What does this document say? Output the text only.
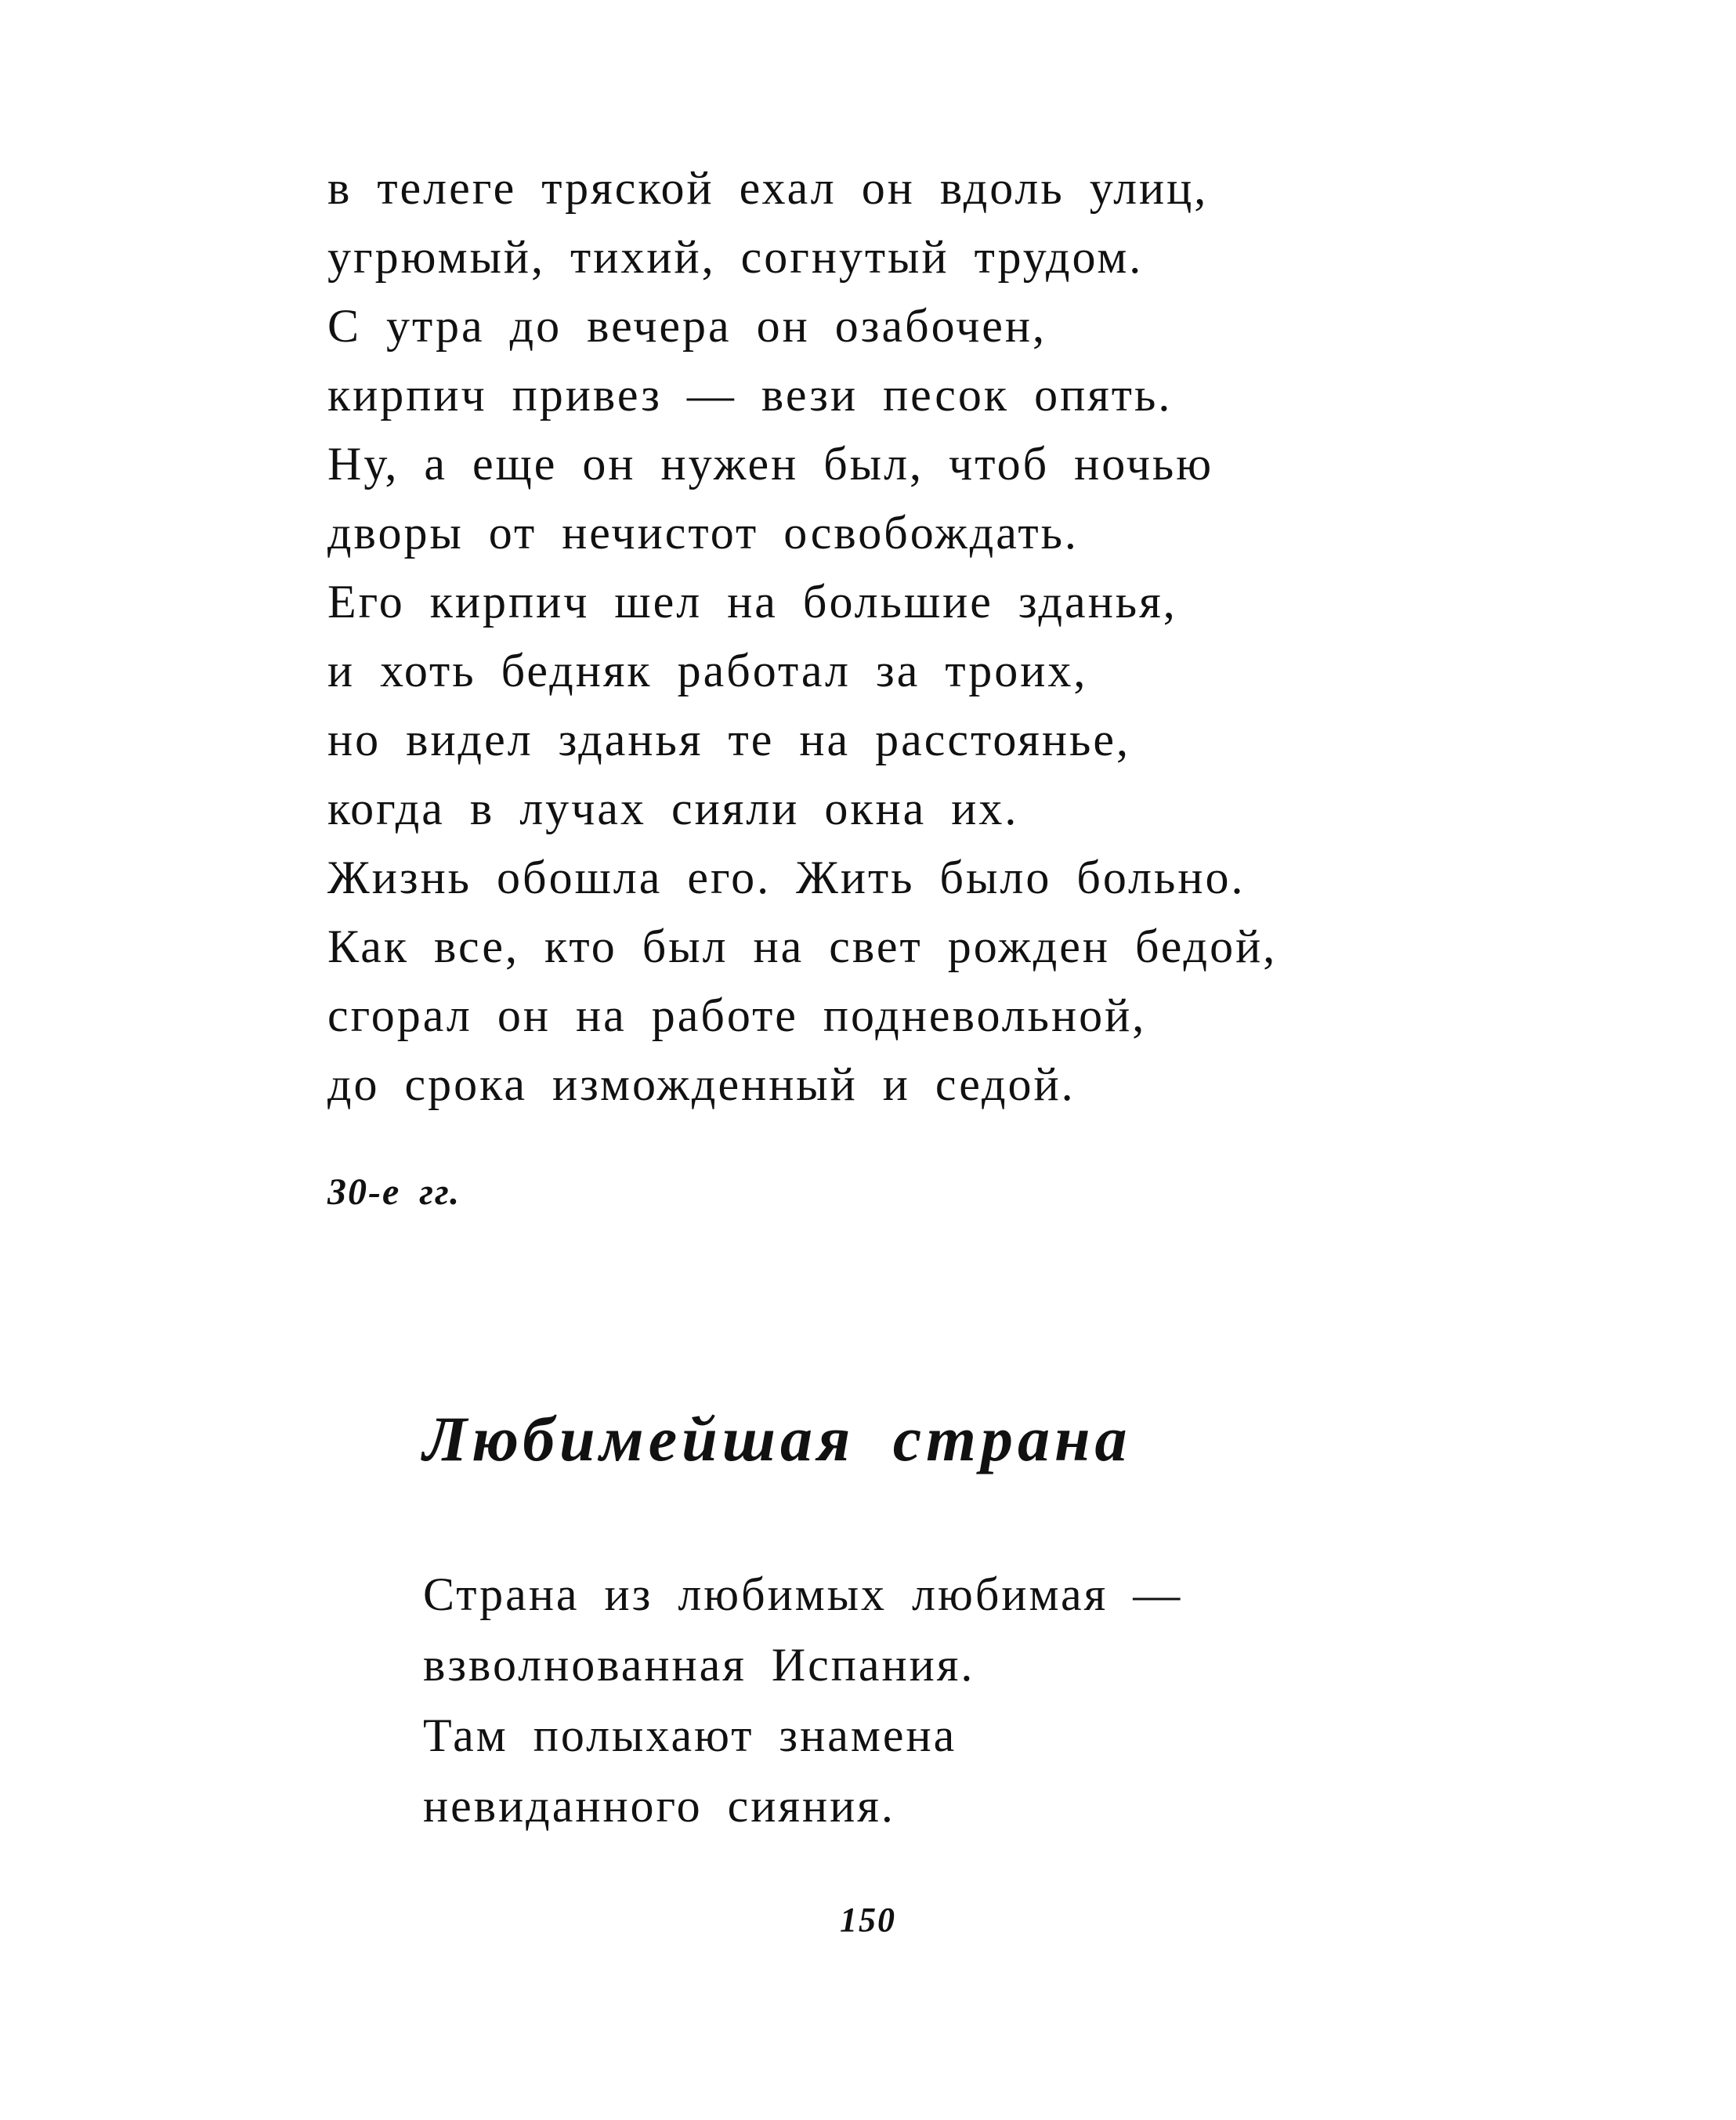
в телеге тряской ехал он вдоль улиц,
угрюмый, тихий, согнутый трудом.
С утра до вечера он озабочен,
кирпич привез — вези песок опять.
Ну, а еще он нужен был, чтоб ночью
дворы от нечистот освобождать.
Его кирпич шел на большие зданья,
и хоть бедняк работал за троих,
но видел зданья те на расстоянье,
когда в лучах сияли окна их.
Жизнь обошла его. Жить было больно.
Как все, кто был на свет рожден бедой,
сгорал он на работе подневольной,
до срока изможденный и седой.
30-е гг.
Любимейшая страна
Страна из любимых любимая —
взволнованная Испания.
Там полыхают знамена
невиданного сияния.
150
